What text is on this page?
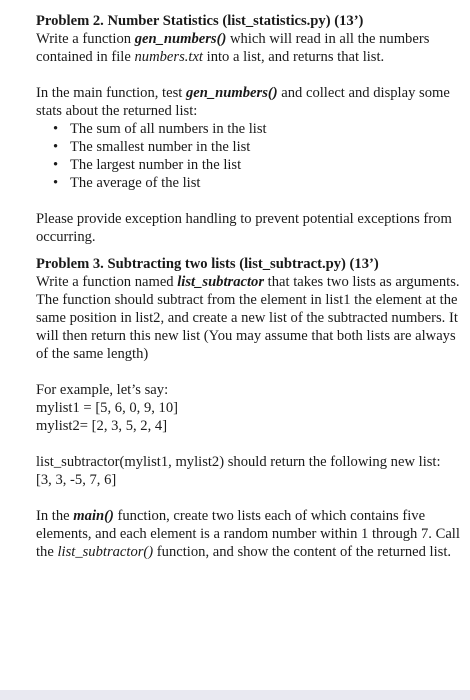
Problem 2. Number Statistics (list_statistics.py) (13’)

Write a function gen_numbers() which will read in all the numbers contained in file numbers.txt into a list, and returns that list.

In the main function, test gen_numbers() and collect and display some stats about the returned list:

• The sum of all numbers in the list
• The smallest number in the list
• The largest number in the list
• The average of the list

Please provide exception handling to prevent potential exceptions from occurring.

Problem 3. Subtracting two lists (list_subtract.py) (13’)

Write a function named list_subtractor that takes two lists as arguments. The function should subtract from the element in list1 the element at the same position in list2, and create a new list of the subtracted numbers. It will then return this new list (You may assume that both lists are always of the same length)

For example, let’s say:

mylist1 = [5, 6, 0, 9, 10]

mylist2= [2, 3, 5, 2, 4]

list_subtractor(mylist1, mylist2) should return the following new list:

[3, 3, -5, 7, 6]

In the main() function, create two lists each of which contains five elements, and each element is a random number within 1 through 7. Call the list_subtractor() function, and show the content of the returned list.
